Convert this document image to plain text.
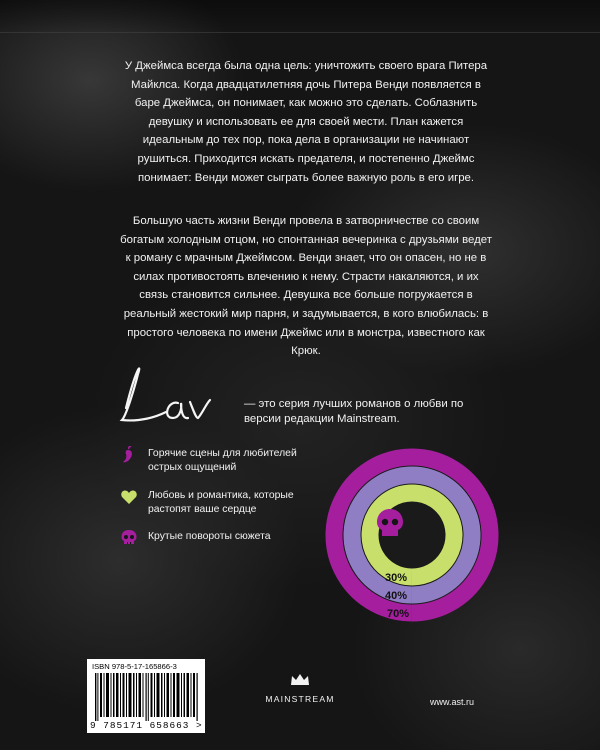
У Джеймса всегда была одна цель: уничтожить своего врага Питера Майклса. Когда двадцатилетняя дочь Питера Венди появляется в баре Джеймса, он понимает, как можно это сделать. Соблазнить девушку и использовать ее для своей мести. План кажется идеальным до тех пор, пока дела в организации не начинают рушиться. Приходится искать предателя, и постепенно Джеймс понимает: Венди может сыграть более важную роль в его игре.
Большую часть жизни Венди провела в затворничестве со своим богатым холодным отцом, но спонтанная вечеринка с друзьями ведет к роману с мрачным Джеймсом. Венди знает, что он опасен, но не в силах противостоять влечению к нему. Страсти накаляются, и их связь становится сильнее. Девушка все больше погружается в реальный жестокий мир парня, и задумывается, в кого влюбилась: в простого человека по имени Джеймс или в монстра, известного как Крюк.
— это серия лучших романов о любви по версии редакции Mainstream.
Горячие сцены для любителей острых ощущений
Любовь и романтика, которые растопят ваше сердце
Крутые повороты сюжета
70%
40%
30%
ISBN 978-5-17-165866-3
9 785171 658663 >
MAINSTREAM	www.ast.ru
